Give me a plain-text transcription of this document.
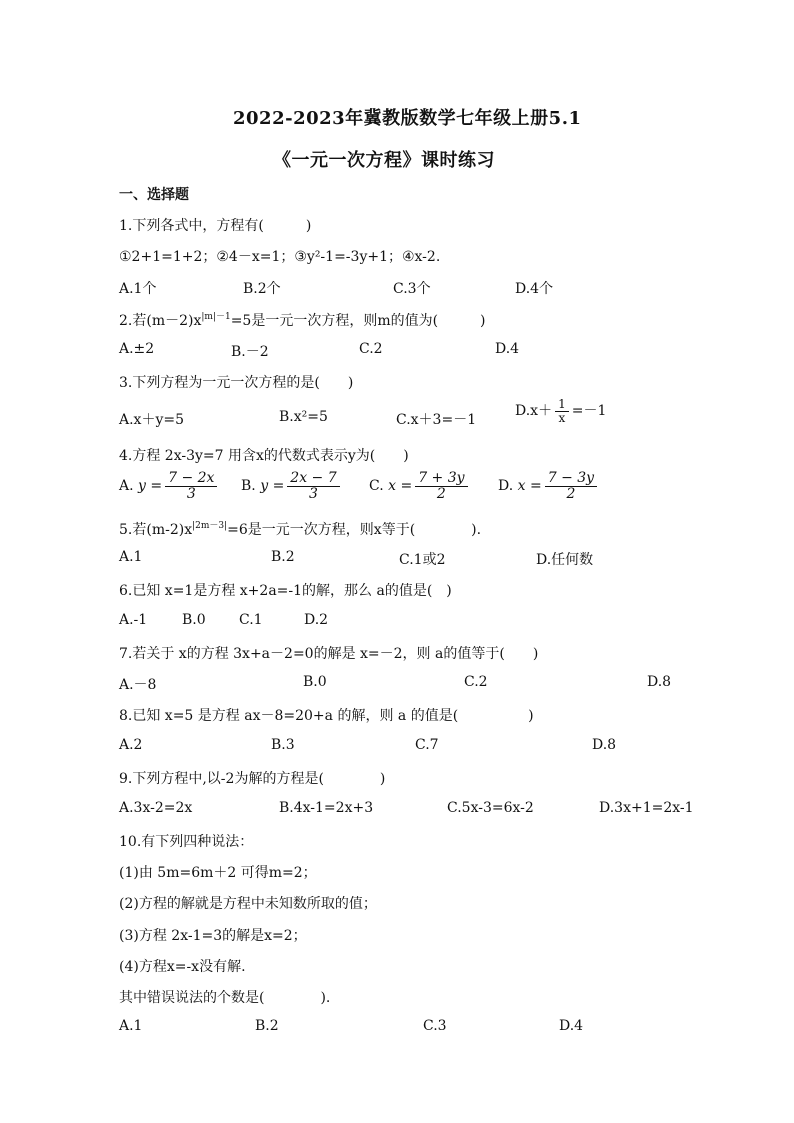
2022-2023年冀教版数学七年级上册5.1
《一元一次方程》课时练习
一、选择题
1.下列各式中，方程有(　　　)
①2+1=1+2；②4－x=1；③y²-1=-3y+1；④x-2.
A.1个	B.2个	C.3个	D.4个
2.若$(m-2)x^{|m|-1}=5$是一元一次方程，则m的值为(　　　)
A.±2	B.－2	C.2	D.4
3.下列方程为一元一次方程的是(　　)
A.x＋y=5	B.x²=5	C.x＋3=－1
$D.x+ \frac{1}{x} =-1$
4.方程 2x-3y=7 用含x的代数式表示y为(　　)
A. $y = \frac{7 - 2x}{3} B$. $y = \frac{2x - 7}{3} C$. $x = \frac{7 + 3y}{2} D$. $x = \frac{7 - 3y}{2}$
5.若$(m-2)x^{|2m-3|}=6$是一元一次方程，则x等于(　　　　).
A.1	B.2	C.1或2	D.任何数
6.已知 x=1是方程 x+2a=-1的解，那么 a的值是(　)
A.-1 B.0 C.1	D.2
7.若关于 x的方程 3x+a－2=0的解是 x=－2，则 a的值等于(　　)
A.－8	B.0	C.2	D.8
8.已知 x=5 是方程 ax－8=20+a 的解，则 a 的值是(　　　　　)
A.2	B.3	C.7	D.8
9.下列方程中,以-2为解的方程是(　　　　)
A.3x-2=2x	B.4x-1=2x+3	C.5x-3=6x-2	D.3x+1=2x-1
10.有下列四种说法：
(1)由 5m=6m＋2 可得m=2；
(2)方程的解就是方程中未知数所取的值；
(3)方程 2x-1=3的解是x=2；
(4)方程x=-x没有解.
其中错误说法的个数是(　　　　).
A.1	B.2	C.3	D.4
